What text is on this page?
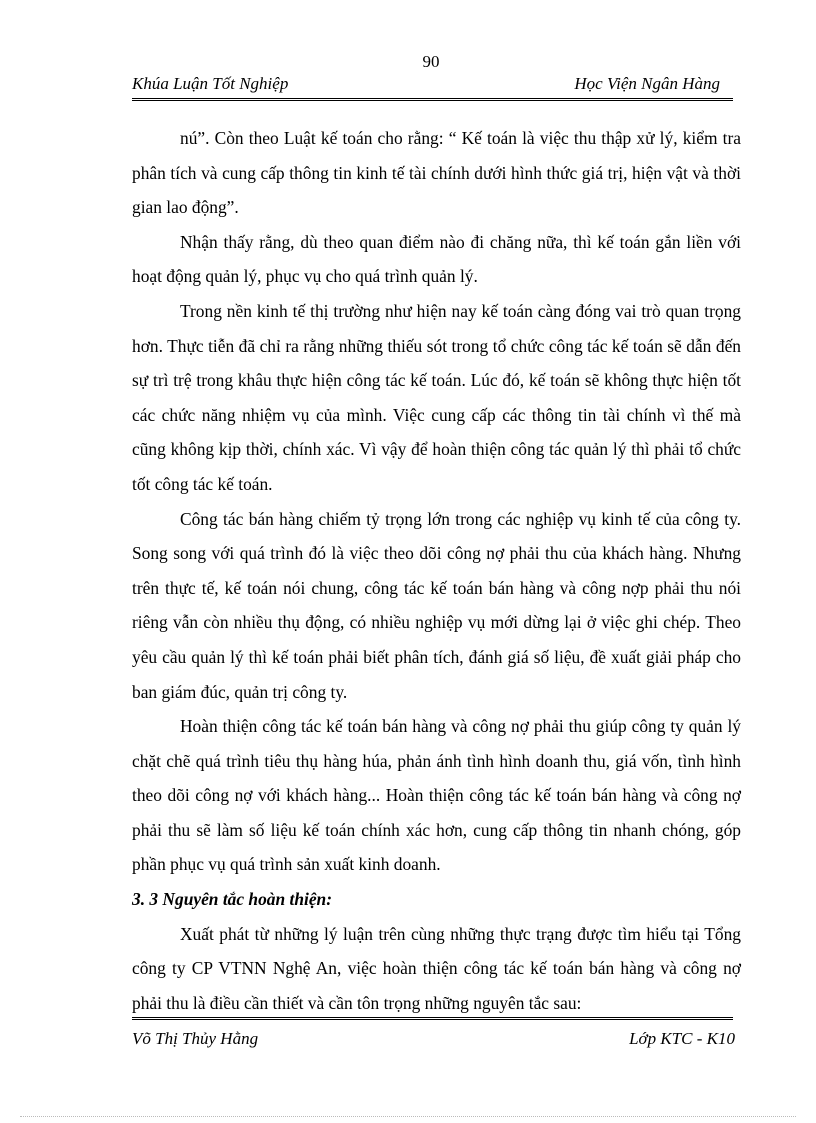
90
Khúa Luận Tốt Nghiệp	Học Viện Ngân Hàng

nú”. Còn theo Luật kế toán cho rằng: “ Kế toán là việc thu thập xử lý, kiểm tra phân tích và cung cấp thông tin kinh tế tài chính dưới hình thức giá trị, hiện vật và thời gian lao động”.

Nhận thấy rằng, dù theo quan điểm nào đi chăng nữa, thì kế toán gắn liền với hoạt động quản lý, phục vụ cho quá trình quản lý.

Trong nền kinh tế thị trường như hiện nay kế toán càng đóng vai trò quan trọng hơn. Thực tiễn đã chỉ ra rằng những thiếu sót trong tổ chức công tác kế toán sẽ dẫn đến sự trì trệ trong khâu thực hiện công tác kế toán. Lúc đó, kế toán sẽ không thực hiện tốt các chức năng nhiệm vụ của mình. Việc cung cấp các thông tin tài chính vì thế mà cũng không kịp thời, chính xác. Vì vậy để hoàn thiện công tác quản lý thì phải tổ chức tốt công tác kế toán.

Công tác bán hàng chiếm tỷ trọng lớn trong các nghiệp vụ kinh tế của công ty. Song song với quá trình đó là việc theo dõi công nợ phải thu của khách hàng. Nhưng trên thực tế, kế toán nói chung, công tác kế toán bán hàng và công nợp phải thu nói riêng vẫn còn nhiều thụ động, có nhiều nghiệp vụ mới dừng lại ở việc ghi chép. Theo yêu cầu quản lý thì kế toán phải biết phân tích, đánh giá số liệu, đề xuất giải pháp cho ban giám đúc, quản trị công ty.

Hoàn thiện công tác kế toán bán hàng và công nợ phải thu giúp công ty quản lý chặt chẽ quá trình tiêu thụ hàng húa, phản ánh tình hình doanh thu, giá vốn, tình hình theo dõi công nợ với khách hàng... Hoàn thiện công tác kế toán bán hàng và công nợ phải thu sẽ làm số liệu kế toán chính xác hơn, cung cấp thông tin nhanh chóng, góp phần phục vụ quá trình sản xuất kinh doanh.

3. 3 Nguyên tắc hoàn thiện:

Xuất phát từ những lý luận trên cùng những thực trạng được tìm hiểu tại Tổng công ty CP VTNN Nghệ An, việc hoàn thiện công tác kế toán bán hàng và công nợ phải thu là điều cần thiết và cần tôn trọng những nguyên tắc sau:

Võ Thị Thủy Hằng	Lớp KTC - K10
